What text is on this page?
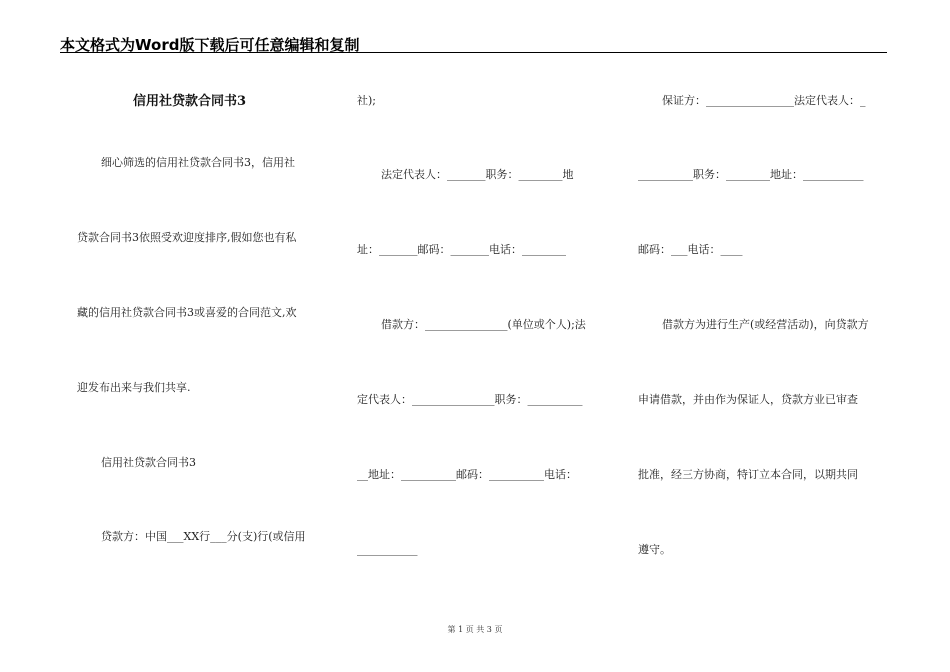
本文格式为Word版下载后可任意编辑和复制
信用社贷款合同书3
细心筛选的信用社贷款合同书3，信用社
贷款合同书3依照受欢迎度排序,假如您也有私
藏的信用社贷款合同书3或喜爱的合同范文,欢
迎发布出来与我们共享.
信用社贷款合同书3
贷款方：中国___XX行___分(支)行(或信用
社);
法定代表人：_______职务：________地
址：_______邮码：_______电话：________
借款方：_______________(单位或个人);法
定代表人：_______________职务：__________
__地址：__________邮码：__________电话：
___________
保证方：________________法定代表人：_
__________职务：________地址：___________
邮码：___电话：____
借款方为进行生产(或经营活动)，向贷款方
申请借款，并由作为保证人，贷款方业已审查
批准，经三方协商，特订立本合同，以期共同
遵守。
第 1 页 共 3 页
